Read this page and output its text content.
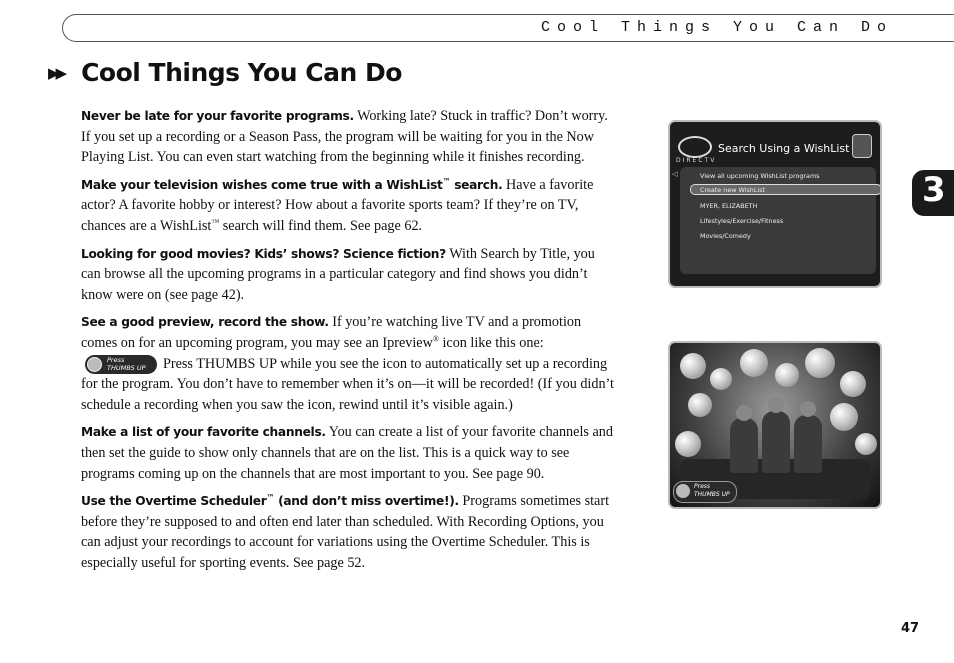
Cool Things You Can Do
▶▶ Cool Things You Can Do

Never be late for your favorite programs. Working late? Stuck in traffic? Don’t worry. If you set up a recording or a Season Pass, the program will be waiting for you in the Now Playing List. You can even start watching from the beginning while it finishes recording.

Make your television wishes come true with a WishList™ search. Have a favorite actor? A favorite hobby or interest? How about a favorite sports team? If they’re on TV, chances are a WishList™ search will find them. See page 62.

Looking for good movies? Kids’ shows? Science fiction? With Search by Title, you can browse all the upcoming programs in a particular category and find shows you didn’t know were on (see page 42).

See a good preview, record the show. If you’re watching live TV and a promotion comes on for an upcoming program, you may see an Ipreview® icon like this one:
Press
THUMBS UP Press THUMBS UP while you see the icon to automatically set up a recording for the program. You don’t have to remember when it’s on—it will be recorded! (If you didn’t schedule a recording when you saw the icon, rewind until it’s visible again.)

Make a list of your favorite channels. You can create a list of your favorite channels and then set the guide to show only channels that are on the list. This is a quick way to see programs coming up on the channels that are most important to you. See page 90.

Use the Overtime Scheduler™ (and don’t miss overtime!). Programs sometimes start before they’re supposed to and often end later than scheduled. With Recording Options, you can adjust your recordings to account for variations using the Overtime Scheduler. This is especially useful for sporting events. See page 52.

DIRECTV
Search Using a WishList
◁	View all upcoming WishList programs
Create new WishList
MYER, ELIZABETH
Lifestyles/Exercise/Fitness
Movies/Comedy
Press
THUMBS UP
3
47
